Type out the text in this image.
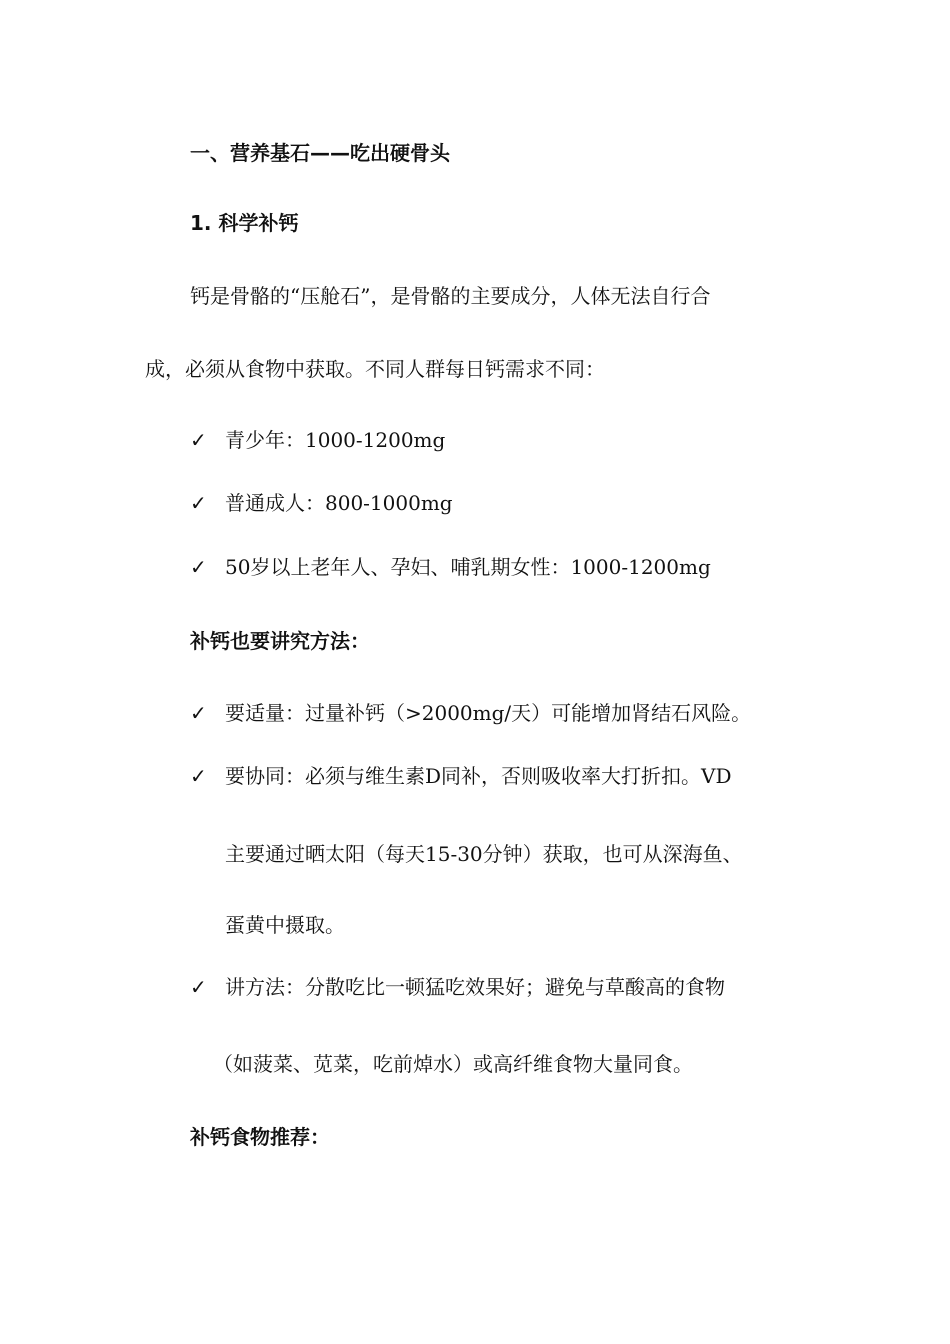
一、营养基石——吃出硬骨头
1. 科学补钙
钙是骨骼的“压舱石”，是骨骼的主要成分，人体无法自行合
成，必须从食物中获取。不同人群每日钙需求不同：
✓ 青少年：1000-1200mg
✓ 普通成人：800-1000mg
✓ 50岁以上老年人、孕妇、哺乳期女性：1000-1200mg
补钙也要讲究方法：
✓ 要适量：过量补钙（>2000mg/天）可能增加肾结石风险。
✓ 要协同：必须与维生素D同补，否则吸收率大打折扣。VD
主要通过晒太阳（每天15-30分钟）获取，也可从深海鱼、
蛋黄中摄取。
✓ 讲方法：分散吃比一顿猛吃效果好；避免与草酸高的食物
（如菠菜、苋菜，吃前焯水）或高纤维食物大量同食。
补钙食物推荐：
